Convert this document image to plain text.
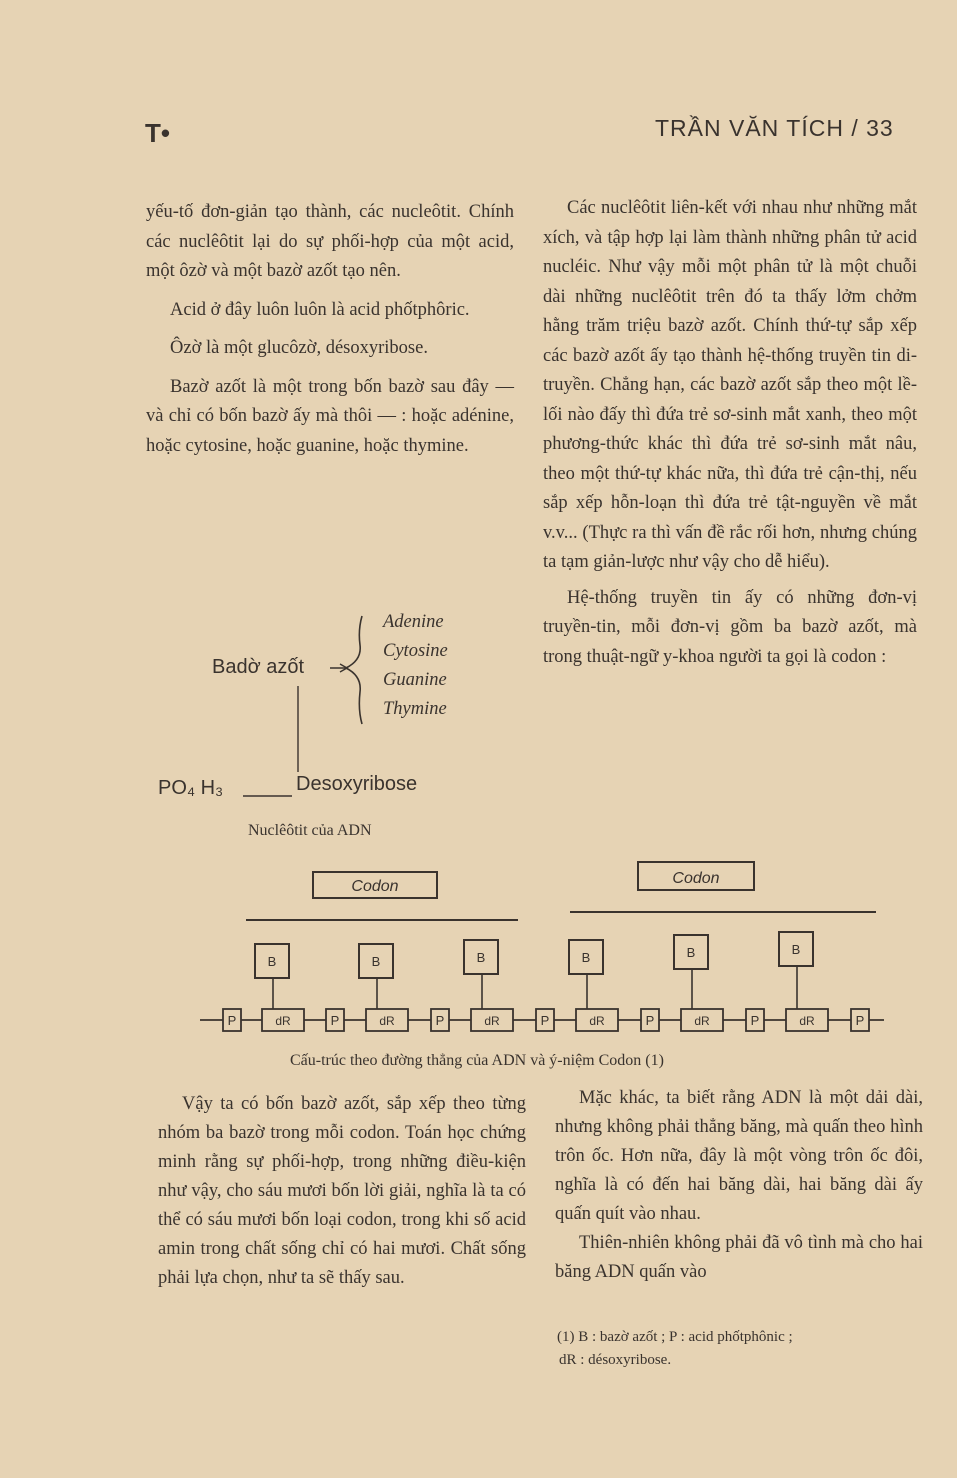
T•	TRẦN VĂN TÍCH / 33

yếu-tố đơn-giản tạo thành, các nucleôtit. Chính các nuclêôtit lại do sự phối-hợp của một acid, một ôzờ và một bazờ azốt tạo nên.

Acid ở đây luôn luôn là acid phốtphôric.

Ôzờ là một glucôzờ, désoxyribose.

Bazờ azốt là một trong bốn bazờ sau đây — và chỉ có bốn bazờ ấy mà thôi — : hoặc adénine, hoặc cytosine, hoặc guanine, hoặc thymine.

Adenine
Cytosine
Guanine
Thymine
Badờ azốt
PO₄ H₃	Desoxyribose
Nuclêôtit của ADN

Các nuclêôtit liên-kết với nhau như những mắt xích, và tập hợp lại làm thành những phân tử acid nucléic. Như vậy mỗi một phân tử là một chuỗi dài những nuclêôtit trên đó ta thấy lởm chởm hằng trăm triệu bazờ azốt. Chính thứ-tự sắp xếp các bazờ azốt ấy tạo thành hệ-thống truyền tin di-truyền. Chẳng hạn, các bazờ azốt sắp theo một lề-lối nào đấy thì đứa trẻ sơ-sinh mắt xanh, theo một phương-thức khác thì đứa trẻ sơ-sinh mắt nâu, theo một thứ-tự khác nữa, thì đứa trẻ cận-thị, nếu sắp xếp hỗn-loạn thì đứa trẻ tật-nguyền về mắt v.v... (Thực ra thì vấn đề rắc rối hơn, nhưng chúng ta tạm giản-lược như vậy cho dễ hiểu).

Hệ-thống truyền tin ấy có những đơn-vị truyền-tin, mỗi đơn-vị gồm ba bazờ azốt, mà trong thuật-ngữ y-khoa người ta gọi là codon :

Codon	Codon
P	P	P	P	P	P	P
dR	dR	dR	dR	dR	dR
B	B	B	B	B	B
Cấu-trúc theo đường thẳng của ADN và ý-niệm Codon (1)

Vậy ta có bốn bazờ azốt, sắp xếp theo từng nhóm ba bazờ trong mỗi codon. Toán học chứng minh rằng sự phối-hợp, trong những điều-kiện như vậy, cho sáu mươi bốn lời giải, nghĩa là ta có thể có sáu mươi bốn loại codon, trong khi số acid amin trong chất sống chỉ có hai mươi. Chất sống phải lựa chọn, như ta sẽ thấy sau.

Mặc khác, ta biết rằng ADN là một dải dài, nhưng không phải thẳng băng, mà quấn theo hình trôn ốc. Hơn nữa, đây là một vòng trôn ốc đôi, nghĩa là có đến hai băng dài, hai băng dài ấy quấn quít vào nhau.

Thiên-nhiên không phải đã vô tình mà cho hai băng ADN quấn vào

(1) B : bazờ azốt ; P : acid phốtphônic ;
dR : désoxyribose.
